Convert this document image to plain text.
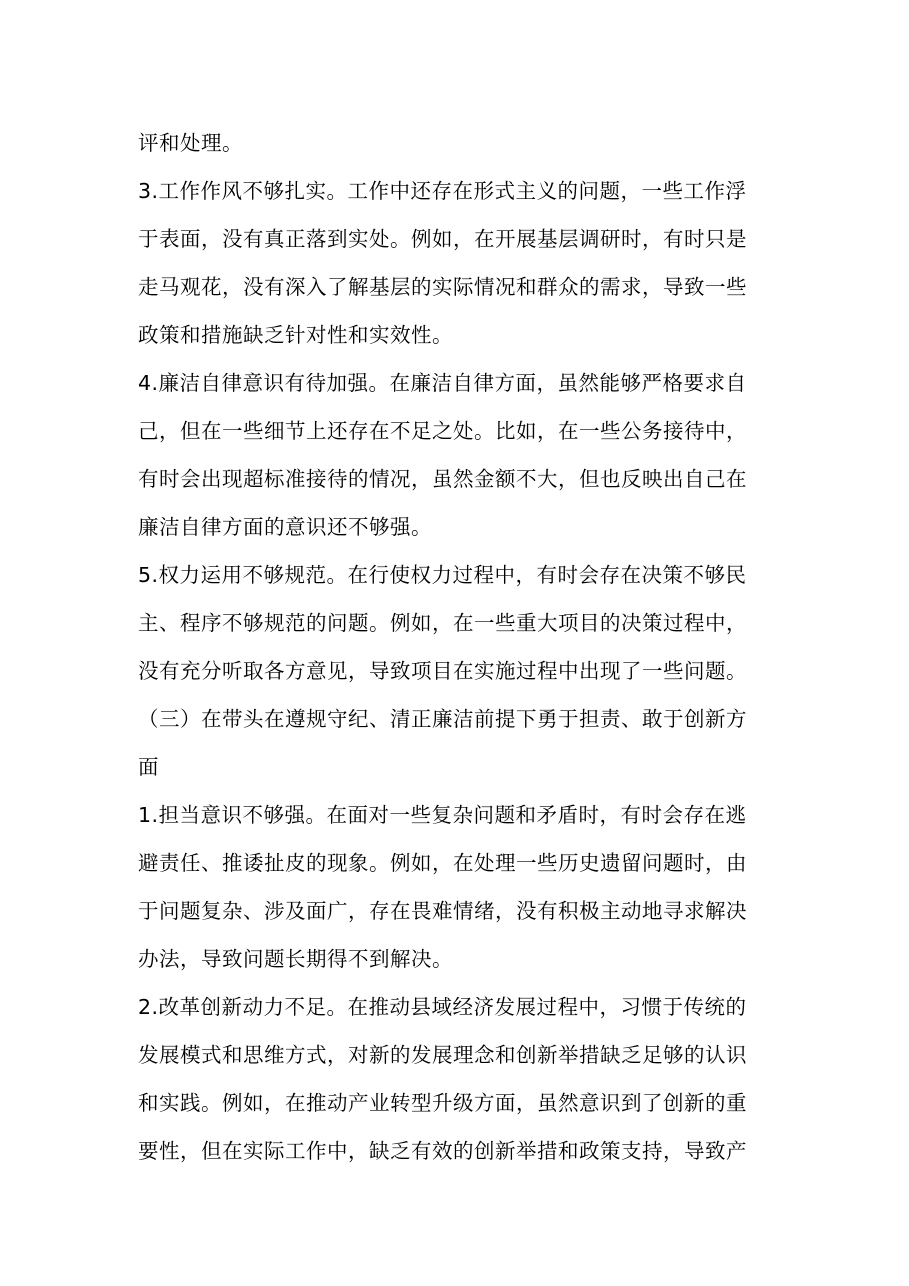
评和处理。
3.工作作风不够扎实。工作中还存在形式主义的问题，一些工作浮
于表面，没有真正落到实处。例如，在开展基层调研时，有时只是
走马观花，没有深入了解基层的实际情况和群众的需求，导致一些
政策和措施缺乏针对性和实效性。
4.廉洁自律意识有待加强。在廉洁自律方面，虽然能够严格要求自
己，但在一些细节上还存在不足之处。比如，在一些公务接待中，
有时会出现超标准接待的情况，虽然金额不大，但也反映出自己在
廉洁自律方面的意识还不够强。
5.权力运用不够规范。在行使权力过程中，有时会存在决策不够民
主、程序不够规范的问题。例如，在一些重大项目的决策过程中，
没有充分听取各方意见，导致项目在实施过程中出现了一些问题。
（三）在带头在遵规守纪、清正廉洁前提下勇于担责、敢于创新方
面
1.担当意识不够强。在面对一些复杂问题和矛盾时，有时会存在逃
避责任、推诿扯皮的现象。例如，在处理一些历史遗留问题时，由
于问题复杂、涉及面广，存在畏难情绪，没有积极主动地寻求解决
办法，导致问题长期得不到解决。
2.改革创新动力不足。在推动县域经济发展过程中，习惯于传统的
发展模式和思维方式，对新的发展理念和创新举措缺乏足够的认识
和实践。例如，在推动产业转型升级方面，虽然意识到了创新的重
要性，但在实际工作中，缺乏有效的创新举措和政策支持，导致产
